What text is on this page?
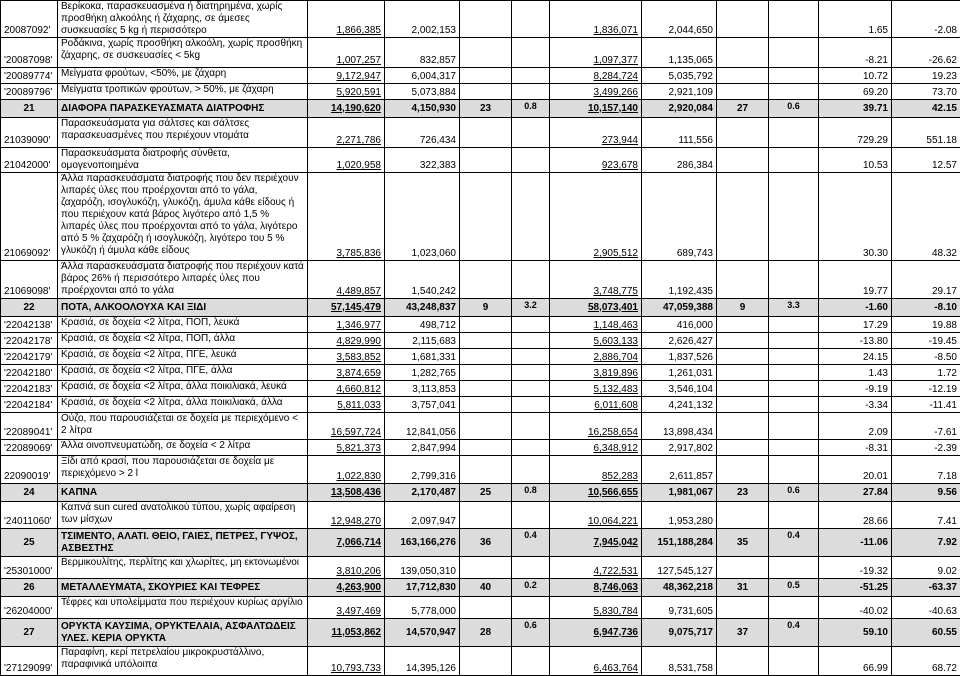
20087092'	Βερίκοκα, παρασκευασμένα ή διατηρημένα, χωρίς προσθήκη αλκοόλης ή ζάχαρης, σε άμεσες συσκευασίες 5 kg ή περισσότερο	1,866,385	2,002,153			1,836,071	2,044,650			1.65	-2.08
'20087098'	Ροδάκινα, χωρίς προσθήκη αλκοόλη, χωρίς προσθήκη ζάχαρης, σε συσκευασίες < 5kg	1,007,257	832,857			1,097,377	1,135,065			-8.21	-26.62
'20089774'	Μείγματα φρούτων, <50%, με ζάχαρη	9,172,947	6,004,317			8,284,724	5,035,792			10.72	19.23
'20089796'	Μείγματα τροπικών φρούτων, > 50%, με ζάχαρη	5,920,591	5,073,884			3,499,266	2,921,109			69.20	73.70
21	ΔΙΑΦΟΡΑ ΠΑΡΑΣΚΕΥΑΣΜΑΤΑ ΔΙΑΤΡΟΦΗΣ	14,190,620	4,150,930	23	0.8	10,157,140	2,920,084	27	0.6	39.71	42.15
21039090'	Παρασκευάσματα για σάλτσες και σάλτσες παρασκευασμένες που περιέχουν ντομάτα	2,271,786	726,434			273,944	111,556			729.29	551.18
21042000'	Παρασκευάσματα διατροφής σύνθετα, ομογενοποιημένα	1,020,958	322,383			923,678	286,384			10.53	12.57
21069092'	Άλλα παρασκευάσματα διατροφής που δεν περιέχουν λιπαρές ύλες που προέρχονται από το γάλα, ζαχαρόζη, ισογλυκόζη, γλυκόζη, άμυλα κάθε είδους ή που περιέχουν κατά βάρος λιγότερο από 1,5 % λιπαρές ύλες που προέρχονται από το γάλα, λιγότερο από 5 % ζαχαρόζη ή ισογλυκόζη, λιγότερο του 5 % γλυκόζη ή άμυλα κάθε είδους	3,785,836	1,023,060			2,905,512	689,743			30.30	48.32
21069098'	Άλλα παρασκευάσματα διατροφής που περιέχουν κατά βάρος 26% ή περισσότερο λιπαρές ύλες που προέρχονται από το γάλα	4,489,857	1,540,242			3,748,775	1,192,435			19.77	29.17
22	ΠΟΤΑ, ΑΛΚΟΟΛΟΥΧΑ ΚΑΙ ΞΙΔΙ	57,145,479	43,248,837	9	3.2	58,073,401	47,059,388	9	3.3	-1.60	-8.10
'22042138'	Κρασιά, σε δοχεία <2 λίτρα, ΠΟΠ, λευκά	1,346,977	498,712			1,148,463	416,000			17.29	19.88
'22042178'	Κρασιά, σε δοχεία <2 λίτρα, ΠΟΠ, άλλα	4,829,990	2,115,683			5,603,133	2,626,427			-13.80	-19.45
'22042179'	Κρασιά, σε δοχεία <2 λίτρα, ΠΓΕ, λευκά	3,583,852	1,681,331			2,886,704	1,837,526			24.15	-8.50
'22042180'	Κρασιά, σε δοχεία <2 λίτρα, ΠΓΕ, άλλα	3,874,659	1,282,765			3,819,896	1,261,031			1.43	1.72
'22042183'	Κρασιά, σε δοχεία <2 λίτρα, άλλα ποικιλιακά, λευκά	4,660,812	3,113,853			5,132,483	3,546,104			-9.19	-12.19
'22042184'	Κρασιά, σε δοχεία <2 λίτρα, άλλα ποικιλιακά, άλλα	5,811,033	3,757,041			6,011,608	4,241,132			-3.34	-11.41
'22089041'	Ούζο, που παρουσιάζεται σε δοχεία με περιεχόμενο < 2 λίτρα	16,597,724	12,841,056			16,258,654	13,898,434			2.09	-7.61
'22089069'	Άλλα οινοπνευματώδη, σε δοχεία < 2 λίτρα	5,821,373	2,847,994			6,348,912	2,917,802			-8.31	-2.39
22090019'	Ξίδι από κρασί, που παρουσιάζεται σε δοχεία με περιεχόμενο > 2 l	1,022,830	2,799,316			852,283	2,611,857			20.01	7.18
24	ΚΑΠΝΑ	13,508,436	2,170,487	25	0.8	10,566,655	1,981,067	23	0.6	27.84	9.56
'24011060'	Καπνά sun cured ανατολικού τύπου, χωρίς αφαίρεση των μίσχων	12,948,270	2,097,947			10,064,221	1,953,280			28.66	7.41
25	ΤΣΙΜΕΝΤΟ, ΑΛΑΤΙ. ΘΕΙΟ, ΓΑΙΕΣ, ΠΕΤΡΕΣ, ΓΥΨΟΣ, ΑΣΒΕΣΤΗΣ	7,066,714	163,166,276	36	0.4	7,945,042	151,188,284	35	0.4	-11.06	7.92
'25301000'	Βερμικουλίτης, περλίτης και χλωρίτες, μη εκτονωμένοι	3,810,206	139,050,310			4,722,531	127,545,127			-19.32	9.02
26	ΜΕΤΑΛΛΕΥΜΑΤΑ, ΣΚΟΥΡΙΕΣ ΚΑΙ ΤΕΦΡΕΣ	4,263,900	17,712,830	40	0.2	8,746,063	48,362,218	31	0.5	-51.25	-63.37
'26204000'	Τέφρες και υπολείμματα που περιέχουν κυρίως αργίλιο	3,497,469	5,778,000			5,830,784	9,731,605			-40.02	-40.63
27	ΟΡΥΚΤΑ ΚΑΥΣΙΜΑ, ΟΡΥΚΤΕΛΑΙΑ, ΑΣΦΑΛΤΩΔΕΙΣ ΥΛΕΣ. ΚΕΡΙΑ ΟΡΥΚΤΑ	11,053,862	14,570,947	28	0.6	6,947,736	9,075,717	37	0.4	59.10	60.55
'27129099'	Παραφίνη, κερί πετρελαίου μικροκρυστάλλινο, παραφινικά υπόλοιπα	10,793,733	14,395,126			6,463,764	8,531,758			66.99	68.72
